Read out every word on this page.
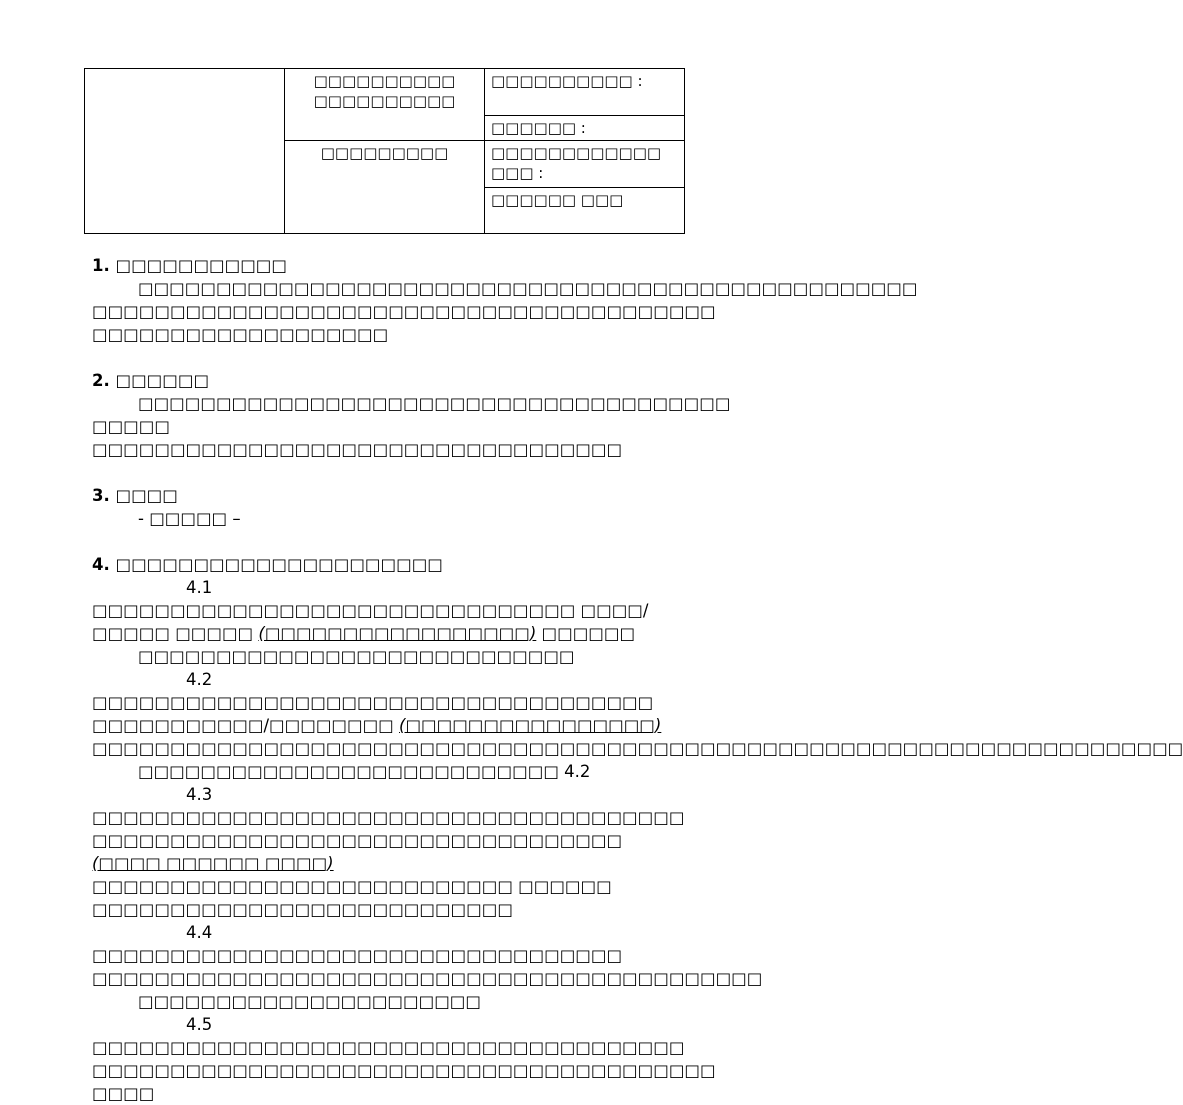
	□□□□□□□□□□ □□□□□□□□□□	□□□□□□□□□□ :
		□□□□□□ :
	□□□□□□□□□	□□□□□□□□□□□□ □□□ :
		□□□□□□ □□□

1. □□□□□□□□□□□

□□□□□□□□□□□□□□□□□□□□□□□□□□□□□□□□□□□□□□□□□□□□□□□□□□ □□□□□□□□□□□□□□□□□□□□□□□□□□□□□□□□□□□□□□□□ □□□□□□□□□□□□□□□□□□□

2. □□□□□□

□□□□□□□□□□□□□□□□□□□□□□□□□□□□□□□□□□□□□□ □□□□□ □□□□□□□□□□□□□□□□□□□□□□□□□□□□□□□□□□

3. □□□□

- □□□□□ –

4. □□□□□□□□□□□□□□□□□□□□□

4.1 □□□□□□□□□□□□□□□□□□□□□□□□□□□□□□□ □□□□/□□□□□ □□□□□ (□□□□□□□□□□□□□□□□□) □□□□□□

□□□□□□□□□□□□□□□□□□□□□□□□□□□□

4.2 □□□□□□□□□□□□□□□□□□□□□□□□□□□□□□□□□□□□ □□□□□□□□□□□/□□□□□□□□ (□□□□□□□□□□□□□□□□) □□□□□□□□□□□□□□□□□□□□□□□□□□□□□□□□□□□□□□□□□□□□□□□□□□□□□□□□□□□□□□□□□□□□□□

□□□□□□□□□□□□□□□□□□□□□□□□□□□ 4.2

4.3 □□□□□□□□□□□□□□□□□□□□□□□□□□□□□□□□□□□□□□ □□□□□□□□□□□□□□□□□□□□□□□□□□□□□□□□□□ (□□□□ □□□□□□ □□□□) □□□□□□□□□□□□□□□□□□□□□□□□□□□ □□□□□□ □□□□□□□□□□□□□□□□□□□□□□□□□□□

4.4 □□□□□□□□□□□□□□□□□□□□□□□□□□□□□□□□□□ □□□□□□□□□□□□□□□□□□□□□□□□□□□□□□□□□□□□□□□□□□□

□□□□□□□□□□□□□□□□□□□□□□

4.5 □□□□□□□□□□□□□□□□□□□□□□□□□□□□□□□□□□□□□□ □□□□□□□□□□□□□□□□□□□□□□□□□□□□□□□□□□□□□□□□ □□□□
